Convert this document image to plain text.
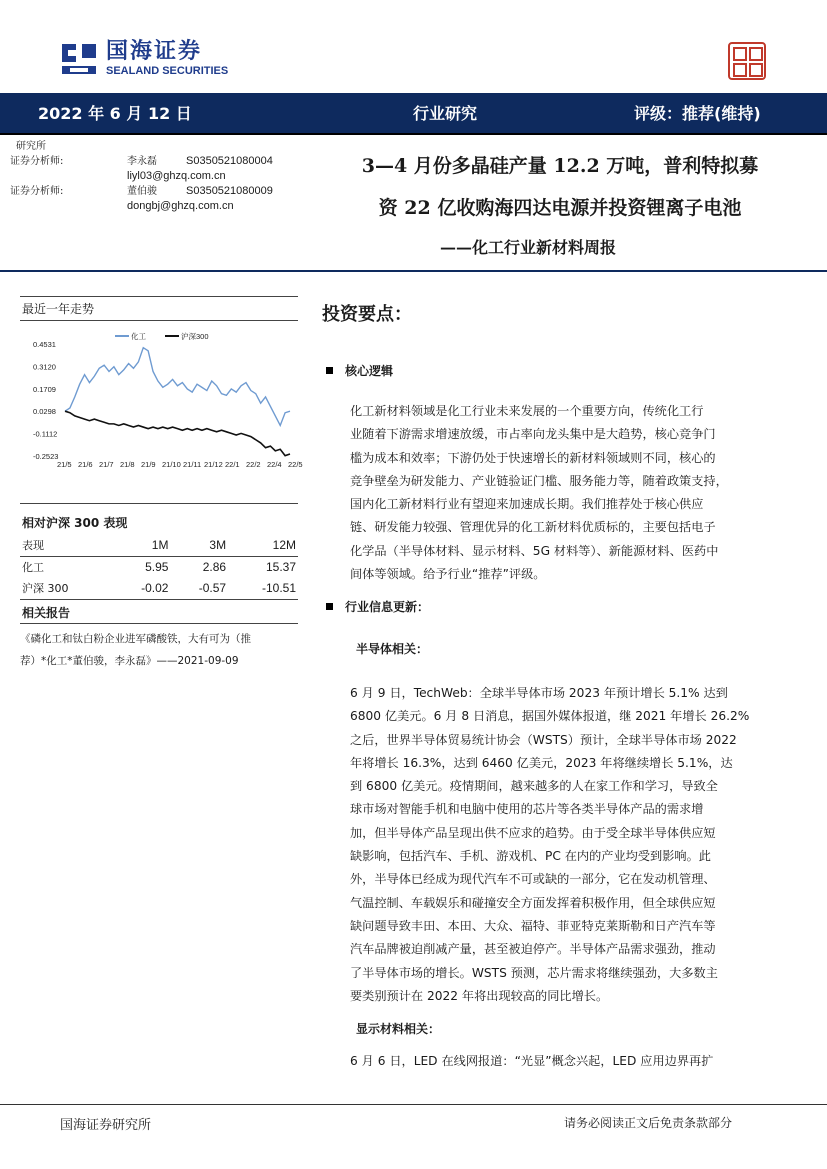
国海证券
SEALAND SECURITIES
2022 年 6 月 12 日	行业研究	评级：推荐(维持)
研究所
证券分析师:	李永磊	S0350521080004
liyl03@ghzq.com.cn
证券分析师:	董伯骏	S0350521080009
dongbj@ghzq.com.cn
3—4 月份多晶硅产量 12.2 万吨，普利特拟募
资 22 亿收购海四达电源并投资锂离子电池
——化工行业新材料周报
最近一年走势
0.4531
0.3120
0.1709
0.0298
-0.1112
-0.2523
21/5 21/6 21/7 21/8 21/9 21/10 21/11 21/12 22/1 22/2 22/4 22/5
化工	沪深300
相对沪深 300 表现
表现	1M	3M	12M
化工	5.95	2.86	15.37
沪深 300	-0.02	-0.57	-10.51
相关报告
《磷化工和钛白粉企业进军磷酸铁，大有可为（推
荐）*化工*董伯骏，李永磊》——2021-09-09
投资要点：
核心逻辑
化工新材料领域是化工行业未来发展的一个重要方向，传统化工行
业随着下游需求增速放缓，市占率向龙头集中是大趋势，核心竞争门
槛为成本和效率；下游仍处于快速增长的新材料领域则不同，核心的
竞争壁垒为研发能力、产业链验证门槛、服务能力等，随着政策支持，
国内化工新材料行业有望迎来加速成长期。我们推荐处于核心供应
链、研发能力较强、管理优异的化工新材料优质标的，主要包括电子
化学品（半导体材料、显示材料、5G 材料等）、新能源材料、医药中
间体等领域。给予行业“推荐”评级。
行业信息更新：
半导体相关：
6 月 9 日，TechWeb：全球半导体市场 2023 年预计增长 5.1% 达到
6800 亿美元。6 月 8 日消息，据国外媒体报道，继 2021 年增长 26.2%
之后，世界半导体贸易统计协会（WSTS）预计，全球半导体市场 2022
年将增长 16.3%，达到 6460 亿美元，2023 年将继续增长 5.1%，达
到 6800 亿美元。疫情期间，越来越多的人在家工作和学习，导致全
球市场对智能手机和电脑中使用的芯片等各类半导体产品的需求增
加，但半导体产品呈现出供不应求的趋势。由于受全球半导体供应短
缺影响，包括汽车、手机、游戏机、PC 在内的产业均受到影响。此
外，半导体已经成为现代汽车不可或缺的一部分，它在发动机管理、
气温控制、车载娱乐和碰撞安全方面发挥着积极作用，但全球供应短
缺问题导致丰田、本田、大众、福特、菲亚特克莱斯勒和日产汽车等
汽车品牌被迫削减产量，甚至被迫停产。半导体产品需求强劲，推动
了半导体市场的增长。WSTS 预测，芯片需求将继续强劲，大多数主
要类别预计在 2022 年将出现较高的同比增长。
显示材料相关：
6 月 6 日，LED 在线网报道：“光显”概念兴起，LED 应用边界再扩
国海证券研究所	请务必阅读正文后免责条款部分
